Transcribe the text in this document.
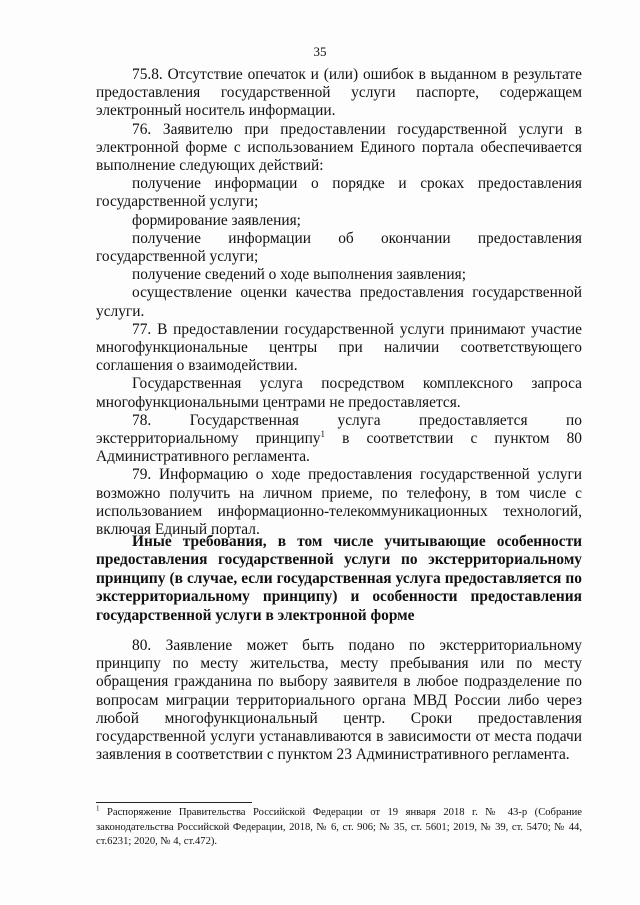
35

75.8. Отсутствие опечаток и (или) ошибок в выданном в результате предоставления государственной услуги паспорте, содержащем электронный носитель информации.

76. Заявителю при предоставлении государственной услуги в электронной форме с использованием Единого портала обеспечивается выполнение следующих действий:

получение информации о порядке и сроках предоставления государственной услуги;

формирование заявления;

получение информации об окончании предоставления государственной услуги;

получение сведений о ходе выполнения заявления;

осуществление оценки качества предоставления государственной услуги.

77. В предоставлении государственной услуги принимают участие многофункциональные центры при наличии соответствующего соглашения о взаимодействии.

Государственная услуга посредством комплексного запроса многофункциональными центрами не предоставляется.

78. Государственная услуга предоставляется по экстерриториальному принципу$^1$ в соответствии с пунктом 80 Административного регламента.

79. Информацию о ходе предоставления государственной услуги возможно получить на личном приеме, по телефону, в том числе с использованием информационно-телекоммуникационных технологий, включая Единый портал.

Иные требования, в том числе учитывающие особенности предоставления государственной услуги по экстерриториальному принципу (в случае, если государственная услуга предоставляется по экстерриториальному принципу) и особенности предоставления государственной услуги в электронной форме
80. Заявление может быть подано по экстерриториальному принципу по месту жительства, месту пребывания или по месту обращения гражданина по выбору заявителя в любое подразделение по вопросам миграции территориального органа МВД России либо через любой многофункциональный центр. Сроки предоставления государственной услуги устанавливаются в зависимости от места подачи заявления в соответствии с пунктом 23 Административного регламента.
$^1$ Распоряжение Правительства Российской Федерации от 19 января 2018 г. № 43-р (Собрание законодательства Российской Федерации, 2018, № 6, ст. 906; № 35, ст. 5601; 2019, № 39, ст. 5470; № 44, ст.6231; 2020, № 4, ст.472).
